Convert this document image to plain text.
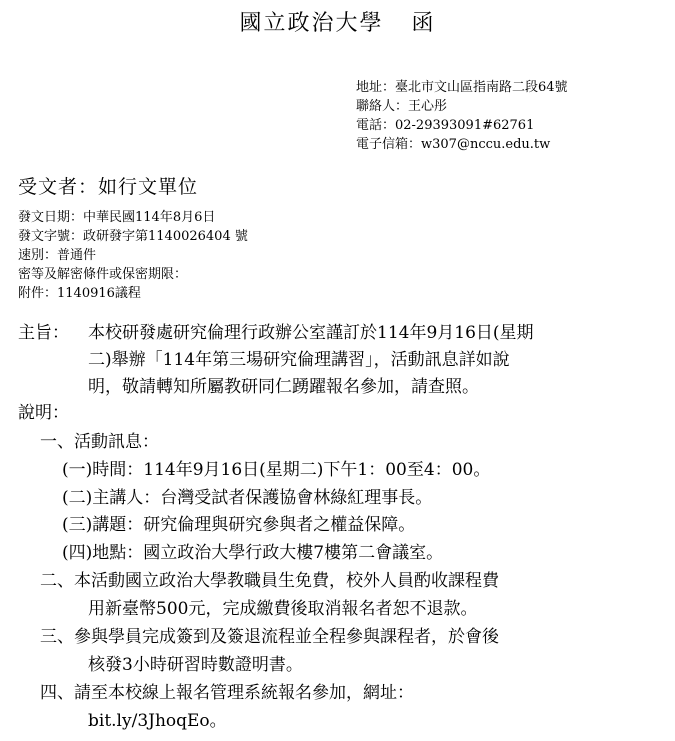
國立政治大學 函
地址：臺北市文山區指南路二段64號
聯絡人：王心彤
電話：02-29393091#62761
電子信箱：w307@nccu.edu.tw
受文者：如行文單位
發文日期：中華民國114年8月6日
發文字號：政研發字第1140026404 號
速別：普通件
密等及解密條件或保密期限：
附件：1140916議程
主旨： 本校研發處研究倫理行政辦公室謹訂於114年9月16日(星期
二)舉辦「114年第三場研究倫理講習」，活動訊息詳如說
明，敬請轉知所屬教研同仁踴躍報名參加，請查照。
說明：
一、活動訊息：
(一)時間：114年9月16日(星期二)下午1：00至4：00。
(二)主講人：台灣受試者保護協會林綠紅理事長。
(三)講題：研究倫理與研究參與者之權益保障。
(四)地點：國立政治大學行政大樓7樓第二會議室。
二、本活動國立政治大學教職員生免費，校外人員酌收課程費
用新臺幣500元，完成繳費後取消報名者恕不退款。
三、參與學員完成簽到及簽退流程並全程參與課程者，於會後
核發3小時研習時數證明書。
四、請至本校線上報名管理系統報名參加，網址：
bit.ly/3JhoqEo。
